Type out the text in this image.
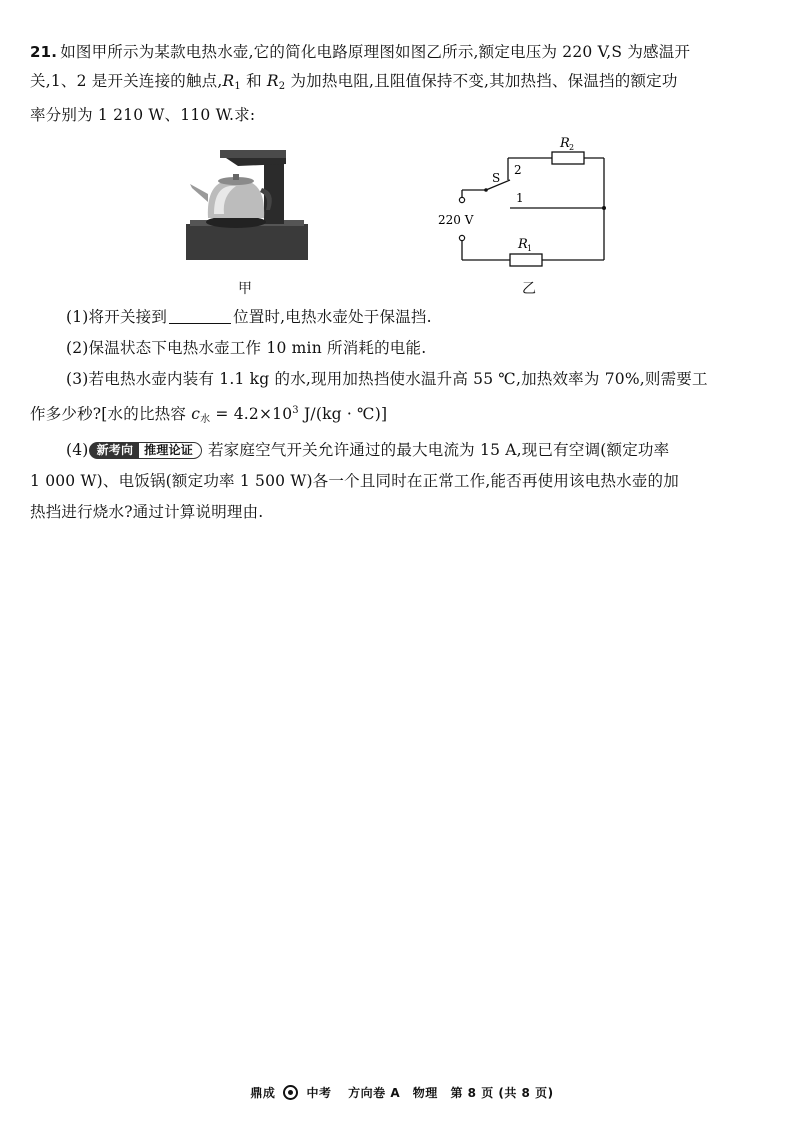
21. 如图甲所示为某款电热水壶,它的简化电路原理图如图乙所示,额定电压为 220 V,S 为感温开
关,1、2 是开关连接的触点$,R_1$ 和 $R_2$ 为加热电阻,且阻值保持不变,其加热挡、保温挡的额定功
率分别为 1 210 W、110 W.求:
甲
R 2
R 1
S
2
1
220 V
乙
(1)将开关接到	位置时,电热水壶处于保温挡.
(2)保温状态下电热水壶工作 10 min 所消耗的电能.
(3)若电热水壶内装有 1.1 kg 的水,现用加热挡使水温升高 55 ℃,加热效率为 70%,则需要工
作多少秒?[水的比热容 $c_水 = 4.2\times 10^3$ J/(kg · ℃)]
(4) 新考向 推理论证 若家庭空气开关允许通过的最大电流为 15 A,现已有空调(额定功率
1 000 W)、电饭锅(额定功率 1 500 W)各一个且同时在正常工作,能否再使用该电热水壶的加
热挡进行烧水?通过计算说明理由.
鼎成	中考 方向卷 A 物理 第 8 页 (共 8 页)
